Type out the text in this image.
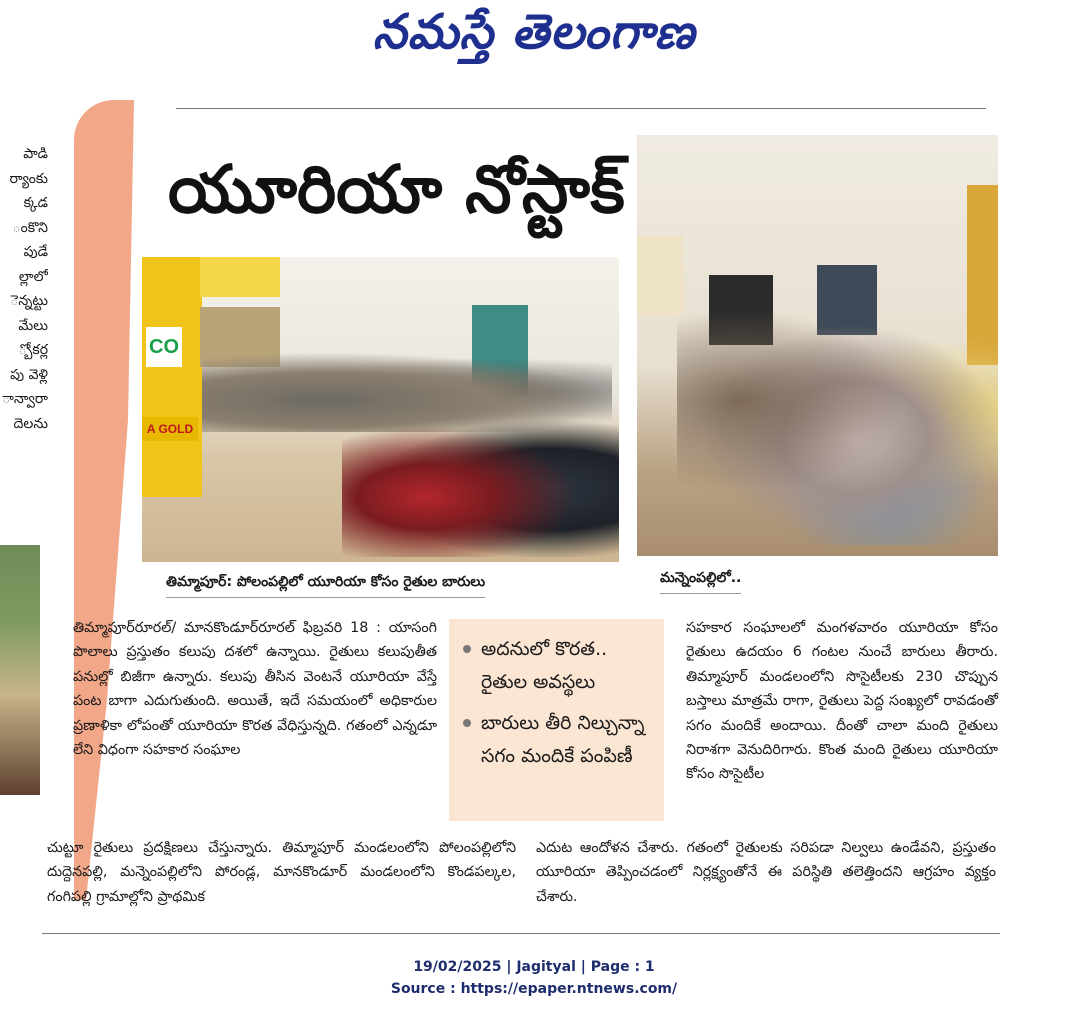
నమస్తే తెలంగాణ
పాడి
ర్యాంకు
క్కడ
ంకొని
పుడే
ల్లాలో
ెన్నట్టు
మేలు
్బోకర్ల
పు వెళ్లి
ాన్వారా
దెలను
CO
A GOLD
యూరియా నోస్టాక్
తిమ్మాపూర్: పోలంపల్లిలో యూరియా కోసం రైతుల బారులు	మన్నెంపల్లిలో..
తిమ్మాపూర్‌రూరల్/ మానకొండూర్‌రూరల్ ఫిబ్రవరి 18 : యాసంగి పొలాలు ప్రస్తుతం కలుపు దశలో ఉన్నాయి. రైతులు కలుపుతీత పనుల్లో బిజీగా ఉన్నారు. కలుపు తీసిన వెంటనే యూరియా వేస్తే పంట బాగా ఎదుగుతుంది. అయితే, ఇదే సమయంలో అధికారుల ప్రణాళికా లోపంతో యూరియా కొరత వేధిస్తున్నది. గతంలో ఎన్నడూ లేని విధంగా సహకార సంఘాల
అదనులో కొరత.. రైతుల అవస్థలు
బారులు తీరి నిల్చున్నా సగం మందికే పంపిణీ
సహకార సంఘాలలో మంగళవారం యూరియా కోసం రైతులు ఉదయం 6 గంటల నుంచే బారులు తీరారు. తిమ్మాపూర్ మండలంలోని సొసైటీలకు 230 చొప్పున బస్తాలు మాత్రమే రాగా, రైతులు పెద్ద సంఖ్యలో రావడంతో సగం మందికే అందాయి. దీంతో చాలా మంది రైతులు నిరాశగా వెనుదిరిగారు. కొంత మంది రైతులు యూరియా కోసం సొసైటీల
చుట్టూ రైతులు ప్రదక్షిణలు చేస్తున్నారు. తిమ్మాపూర్ మండలంలోని పోలంపల్లిలోని దుద్దెనపల్లి, మన్నెంపల్లిలోని పోరండ్ల, మానకొండూర్ మండలంలోని కొండపల్కల, గంగిపల్లి గ్రామాల్లోని ప్రాథమిక
ఎదుట ఆందోళన చేశారు. గతంలో రైతులకు సరిపడా నిల్వలు ఉండేవని, ప్రస్తుతం యూరియా తెప్పించడంలో నిర్లక్ష్యంతోనే ఈ పరిస్థితి తలెత్తిందని ఆగ్రహం వ్యక్తం చేశారు.
19/02/2025 | Jagityal | Page : 1
Source : https://epaper.ntnews.com/
